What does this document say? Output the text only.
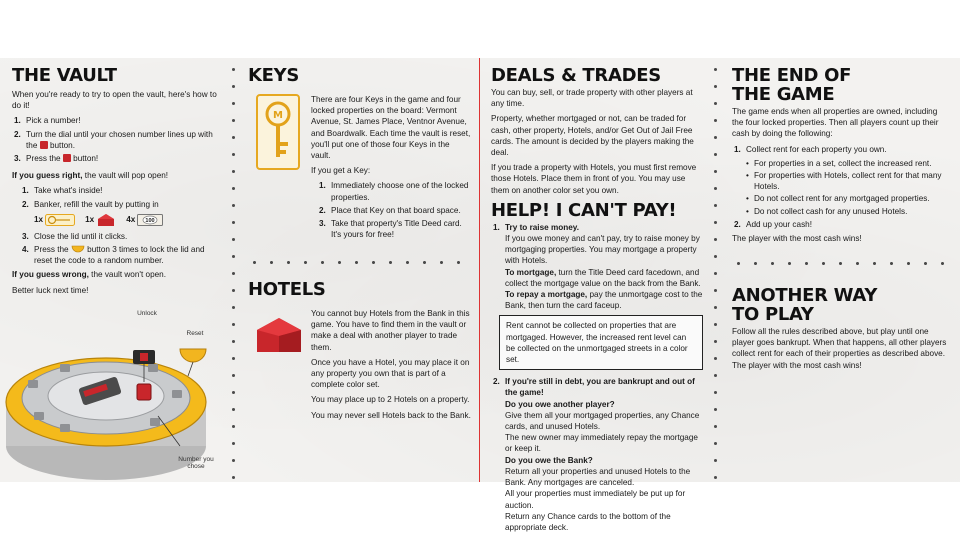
THE VAULT

When you're ready to try to open the vault, here's how to do it!

1. Pick a number!
2. Turn the dial until your chosen number lines up with the button.
3. Press the button!

If you guess right, the vault will pop open!

1. Take what's inside!
2. Banker, refill the vault by putting in
1x	1x	4x 100
3. Close the lid until it clicks.
4. Press the button 3 times to lock the lid and reset the code to a random number.

If you guess wrong, the vault won't open.

Better luck next time!

Unlock
Reset
Number you chose
KEYS
M

There are four Keys in the game and four locked properties on the board: Vermont Avenue, St. James Place, Ventnor Avenue, and Boardwalk. Each time the vault is reset, you'll put one of those four Keys in the vault.

If you get a Key:

1. Immediately choose one of the locked properties.
2. Place that Key on that board space.
3. Take that property's Title Deed card. It's yours for free!
HOTELS

You cannot buy Hotels from the Bank in this game. You have to find them in the vault or make a deal with another player to trade them.

Once you have a Hotel, you may place it on any property you own that is part of a complete color set.

You may place up to 2 Hotels on a property.

You may never sell Hotels back to the Bank.

DEALS & TRADES

You can buy, sell, or trade property with other players at any time.

Property, whether mortgaged or not, can be traded for cash, other property, Hotels, and/or Get Out of Jail Free cards. The amount is decided by the players making the deal.

If you trade a property with Hotels, you must first remove those Hotels. Place them in front of you. You may use them on another color set you own.

HELP! I CAN'T PAY!
1. Try to raise money.
If you owe money and can't pay, try to raise money by mortgaging properties. You may mortgage a property with Hotels.
To mortgage, turn the Title Deed card facedown, and collect the mortgage value on the back from the Bank.
To repay a mortgage, pay the unmortgage cost to the Bank, then turn the card faceup.
Rent cannot be collected on properties that are mortgaged. However, the increased rent level can be collected on the unmortgaged streets in a color set.
2. If you're still in debt, you are bankrupt and out of the game!
Do you owe another player?
Give them all your mortgaged properties, any Chance cards, and unused Hotels.
The new owner may immediately repay the mortgage or keep it.
Do you owe the Bank?
Return all your properties and unused Hotels to the Bank. Any mortgages are canceled.
All your properties must immediately be put up for auction.
Return any Chance cards to the bottom of the appropriate deck.
THE END OF
THE GAME

The game ends when all properties are owned, including the four locked properties. Then all players count up their cash by doing the following:

1. Collect rent for each property you own.
• For properties in a set, collect the increased rent.
• For properties with Hotels, collect rent for that many Hotels.
• Do not collect rent for any mortgaged properties.
• Do not collect cash for any unused Hotels.
2. Add up your cash!

The player with the most cash wins!

ANOTHER WAY
TO PLAY

Follow all the rules described above, but play until one player goes bankrupt. When that happens, all other players collect rent for each of their properties as described above. The player with the most cash wins!
